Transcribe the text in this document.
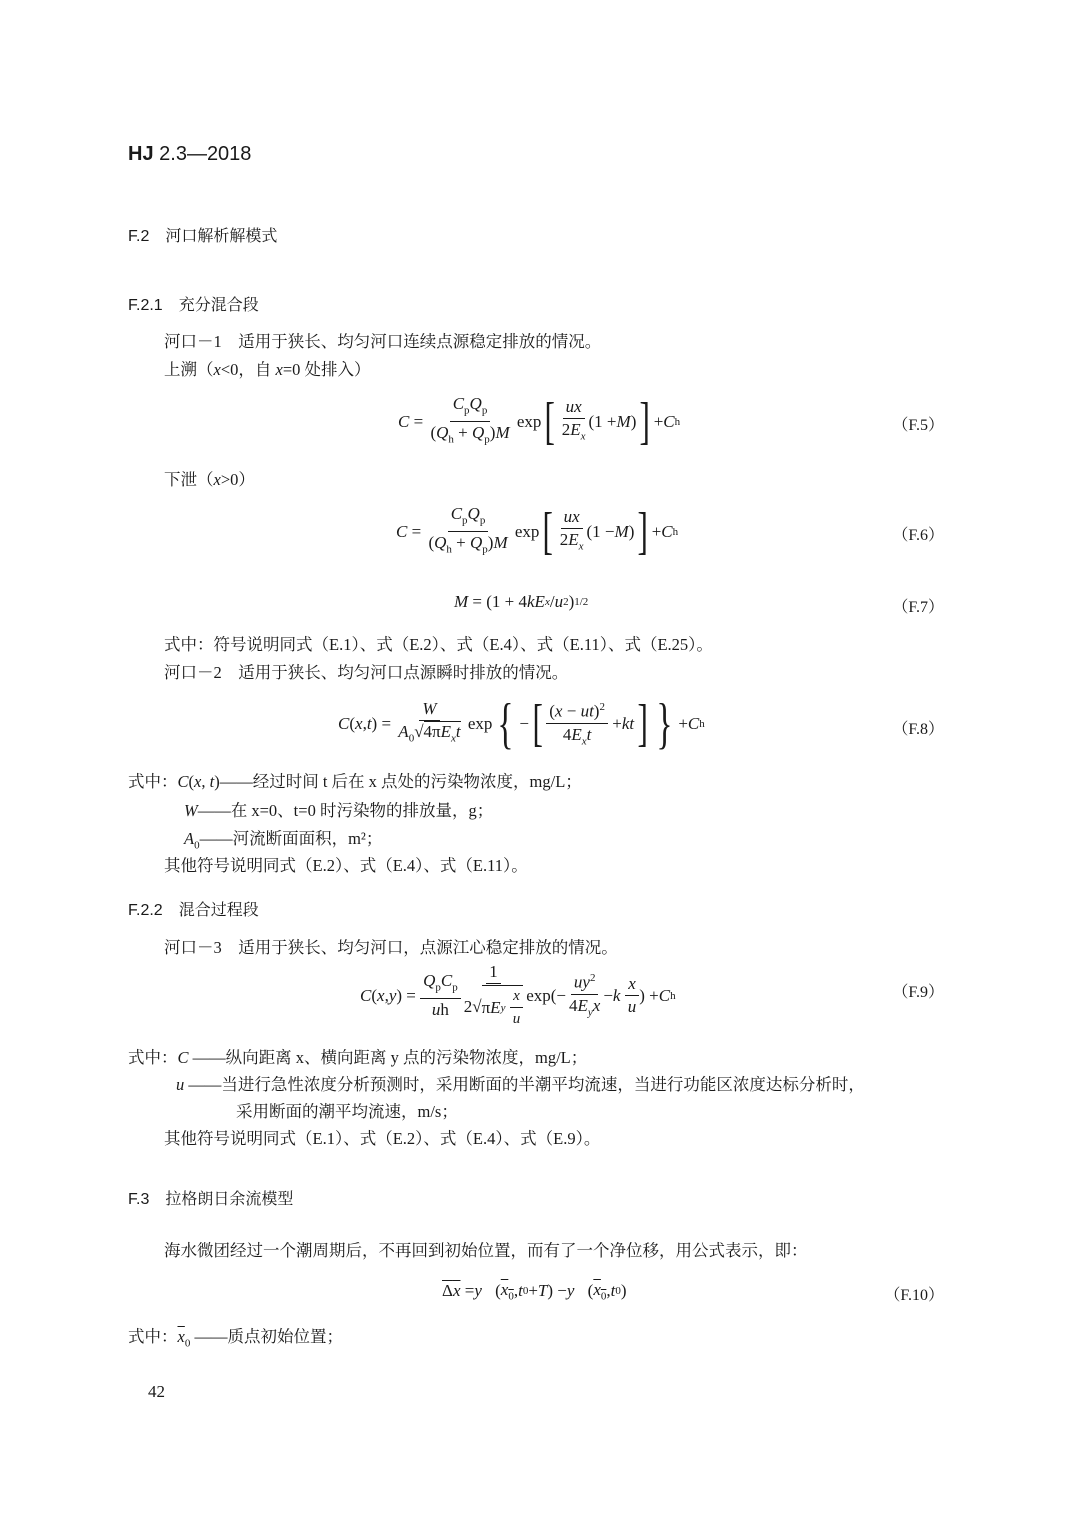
HJ 2.3—2018
F.2　河口解析解模式
F.2.1　充分混合段
河口－1　适用于狭长、均匀河口连续点源稳定排放的情况。
上溯（x<0，自 x=0 处排入）
$C = \frac{C_pQ_p}{(Q_h + Q_p)M}$ exp [ $\frac{ux}{2E_x} (1 + M$ ) ] + C h	（F.5）
下泄（x>0）
$C = \frac{C_pQ_p}{(Q_h + Q_p)M}$ exp [ $\frac{ux}{2E_x} (1 - M$ ) ] + C h	（F.6）
M = (1 + 4 kE x / u 2 ) 1/2	（F.7）
式中：符号说明同式（E.1）、式（E.2）、式（E.4）、式（E.11）、式（E.25）。
河口－2　适用于狭长、均匀河口点源瞬时排放的情况。
C ( x , t ) = $\frac{W}{A_0√4\pi E_xt}$ exp { − [ $\frac{(x - ut)^2}{4E_xt}$ + kt ] } + C h	（F.8）
式中：C(x, t)——经过时间 t 后在 x 点处的污染物浓度，mg/L；
W——在 x=0、t=0 时污染物的排放量，g；
$A_0——$河流断面面积，m²；
其他符号说明同式（E.2）、式（E.4）、式（E.11）。
F.2.2　混合过程段
河口－3　适用于狭长、均匀河口，点源江心稳定排放的情况。
C ( x , y ) = $\frac{Q_pC_p}{uh} 1$
2√ π E y
$\frac{x}{u} \exp(- \frac{uy^2}{4E_yx} - k$
$\frac{x}{u}$ ) + C h	（F.9）
式中：C ——纵向距离 x、横向距离 y 点的污染物浓度，mg/L；
u ——当进行急性浓度分析预测时，采用断面的半潮平均流速，当进行功能区浓度达标分析时，
采用断面的潮平均流速，m/s；
其他符号说明同式（E.1）、式（E.2）、式（E.4）、式（E.9）。
F.3　拉格朗日余流模型
海水微团经过一个潮周期后，不再回到初始位置，而有了一个净位移，用公式表示，即：
Δx = y⃗ ( $x_0$ , t 0 + T ) − y⃗ ( $x_0$ , t 0 )	（F.10）
式中：$\overline{x}_0$ ——质点初始位置；
42
